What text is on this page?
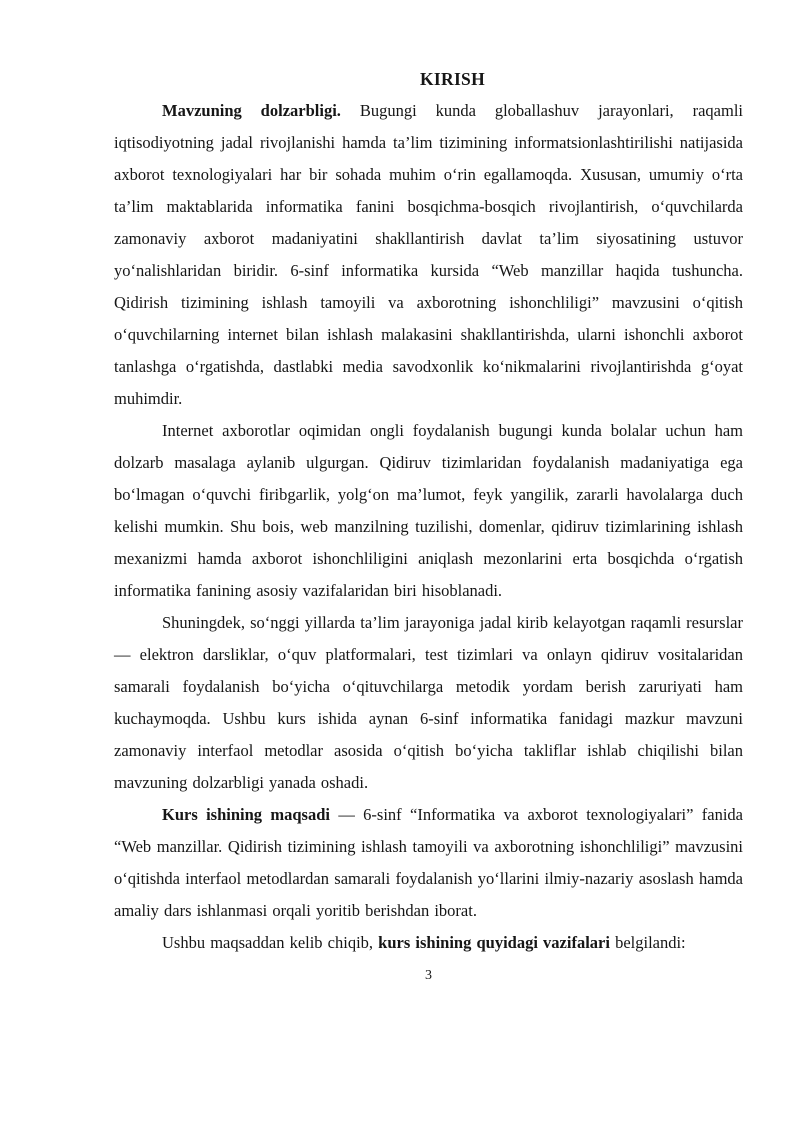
KIRISH

Mavzuning dolzarbligi. Bugungi kunda globallashuv jarayonlari, raqamli iqtisodiyotning jadal rivojlanishi hamda ta’lim tizimining informatsionlashtirilishi natijasida axborot texnologiyalari har bir sohada muhim o‘rin egallamoqda. Xususan, umumiy o‘rta ta’lim maktablarida informatika fanini bosqichma-bosqich rivojlantirish, o‘quvchilarda zamonaviy axborot madaniyatini shakllantirish davlat ta’lim siyosatining ustuvor yo‘nalishlaridan biridir. 6-sinf informatika kursida “Web manzillar haqida tushuncha. Qidirish tizimining ishlash tamoyili va axborotning ishonchliligi” mavzusini o‘qitish o‘quvchilarning internet bilan ishlash malakasini shakllantirishda, ularni ishonchli axborot tanlashga o‘rgatishda, dastlabki media savodxonlik ko‘nikmalarini rivojlantirishda g‘oyat muhimdir.

Internet axborotlar oqimidan ongli foydalanish bugungi kunda bolalar uchun ham dolzarb masalaga aylanib ulgurgan. Qidiruv tizimlaridan foydalanish madaniyatiga ega bo‘lmagan o‘quvchi firibgarlik, yolg‘on ma’lumot, feyk yangilik, zararli havolalarga duch kelishi mumkin. Shu bois, web manzilning tuzilishi, domenlar, qidiruv tizimlarining ishlash mexanizmi hamda axborot ishonchliligini aniqlash mezonlarini erta bosqichda o‘rgatish informatika fanining asosiy vazifalaridan biri hisoblanadi.

Shuningdek, so‘nggi yillarda ta’lim jarayoniga jadal kirib kelayotgan raqamli resurslar — elektron darsliklar, o‘quv platformalari, test tizimlari va onlayn qidiruv vositalaridan samarali foydalanish bo‘yicha o‘qituvchilarga metodik yordam berish zaruriyati ham kuchaymoqda. Ushbu kurs ishida aynan 6-sinf informatika fanidagi mazkur mavzuni zamonaviy interfaol metodlar asosida o‘qitish bo‘yicha takliflar ishlab chiqilishi bilan mavzuning dolzarbligi yanada oshadi.

Kurs ishining maqsadi — 6-sinf “Informatika va axborot texnologiyalari” fanida “Web manzillar. Qidirish tizimining ishlash tamoyili va axborotning ishonchliligi” mavzusini o‘qitishda interfaol metodlardan samarali foydalanish yo‘llarini ilmiy-nazariy asoslash hamda amaliy dars ishlanmasi orqali yoritib berishdan iborat.

Ushbu maqsaddan kelib chiqib, kurs ishining quyidagi vazifalari belgilandi:

3
